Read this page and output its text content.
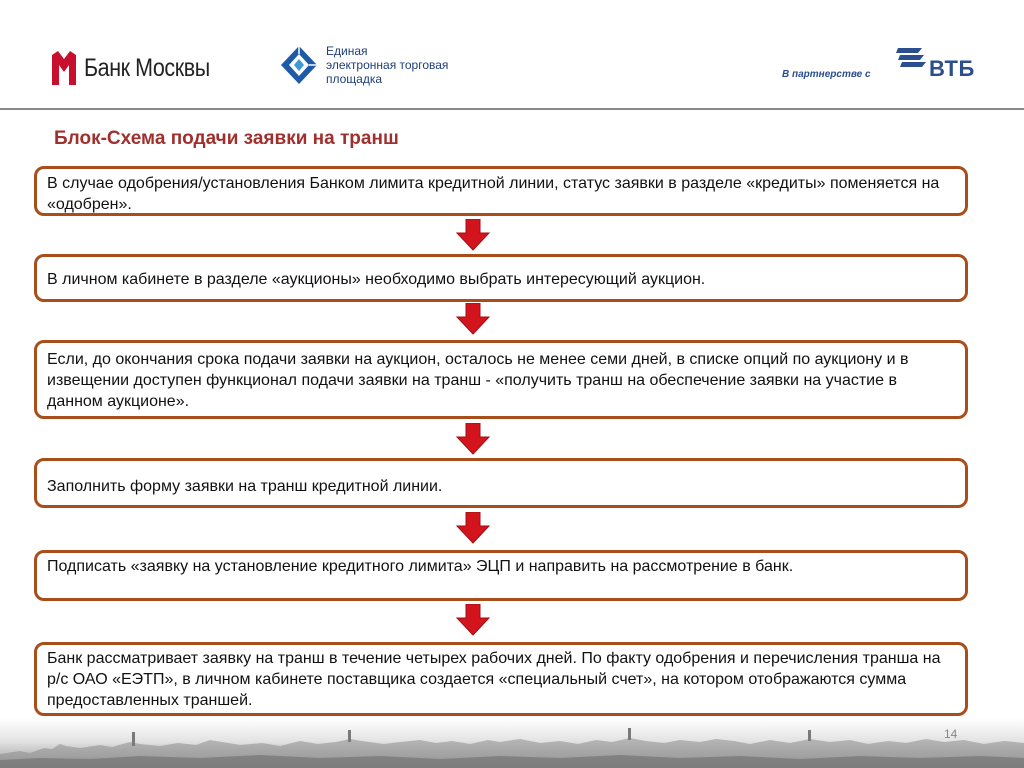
Банк Москвы
Единая
электронная торговая
площадка	В партнерстве с	ВТБ
Блок-Схема подачи заявки на транш
В случае одобрения/установления Банком лимита кредитной линии, статус заявки в разделе «кредиты» поменяется на «одобрен».
В личном кабинете в разделе «аукционы» необходимо выбрать интересующий аукцион.
Если, до окончания срока подачи заявки на аукцион, осталось не менее семи дней, в списке опций по аукциону и в извещении доступен функционал подачи заявки на транш - «получить транш на обеспечение заявки на участие в данном аукционе».
Заполнить форму заявки на транш кредитной линии.
Подписать «заявку на установление кредитного лимита» ЭЦП и направить на рассмотрение в банк.
Банк рассматривает заявку на транш в течение четырех рабочих дней. По факту одобрения и перечисления транша на р/с ОАО «ЕЭТП», в личном кабинете поставщика создается «специальный счет», на котором отображаются сумма предоставленных траншей.
14
